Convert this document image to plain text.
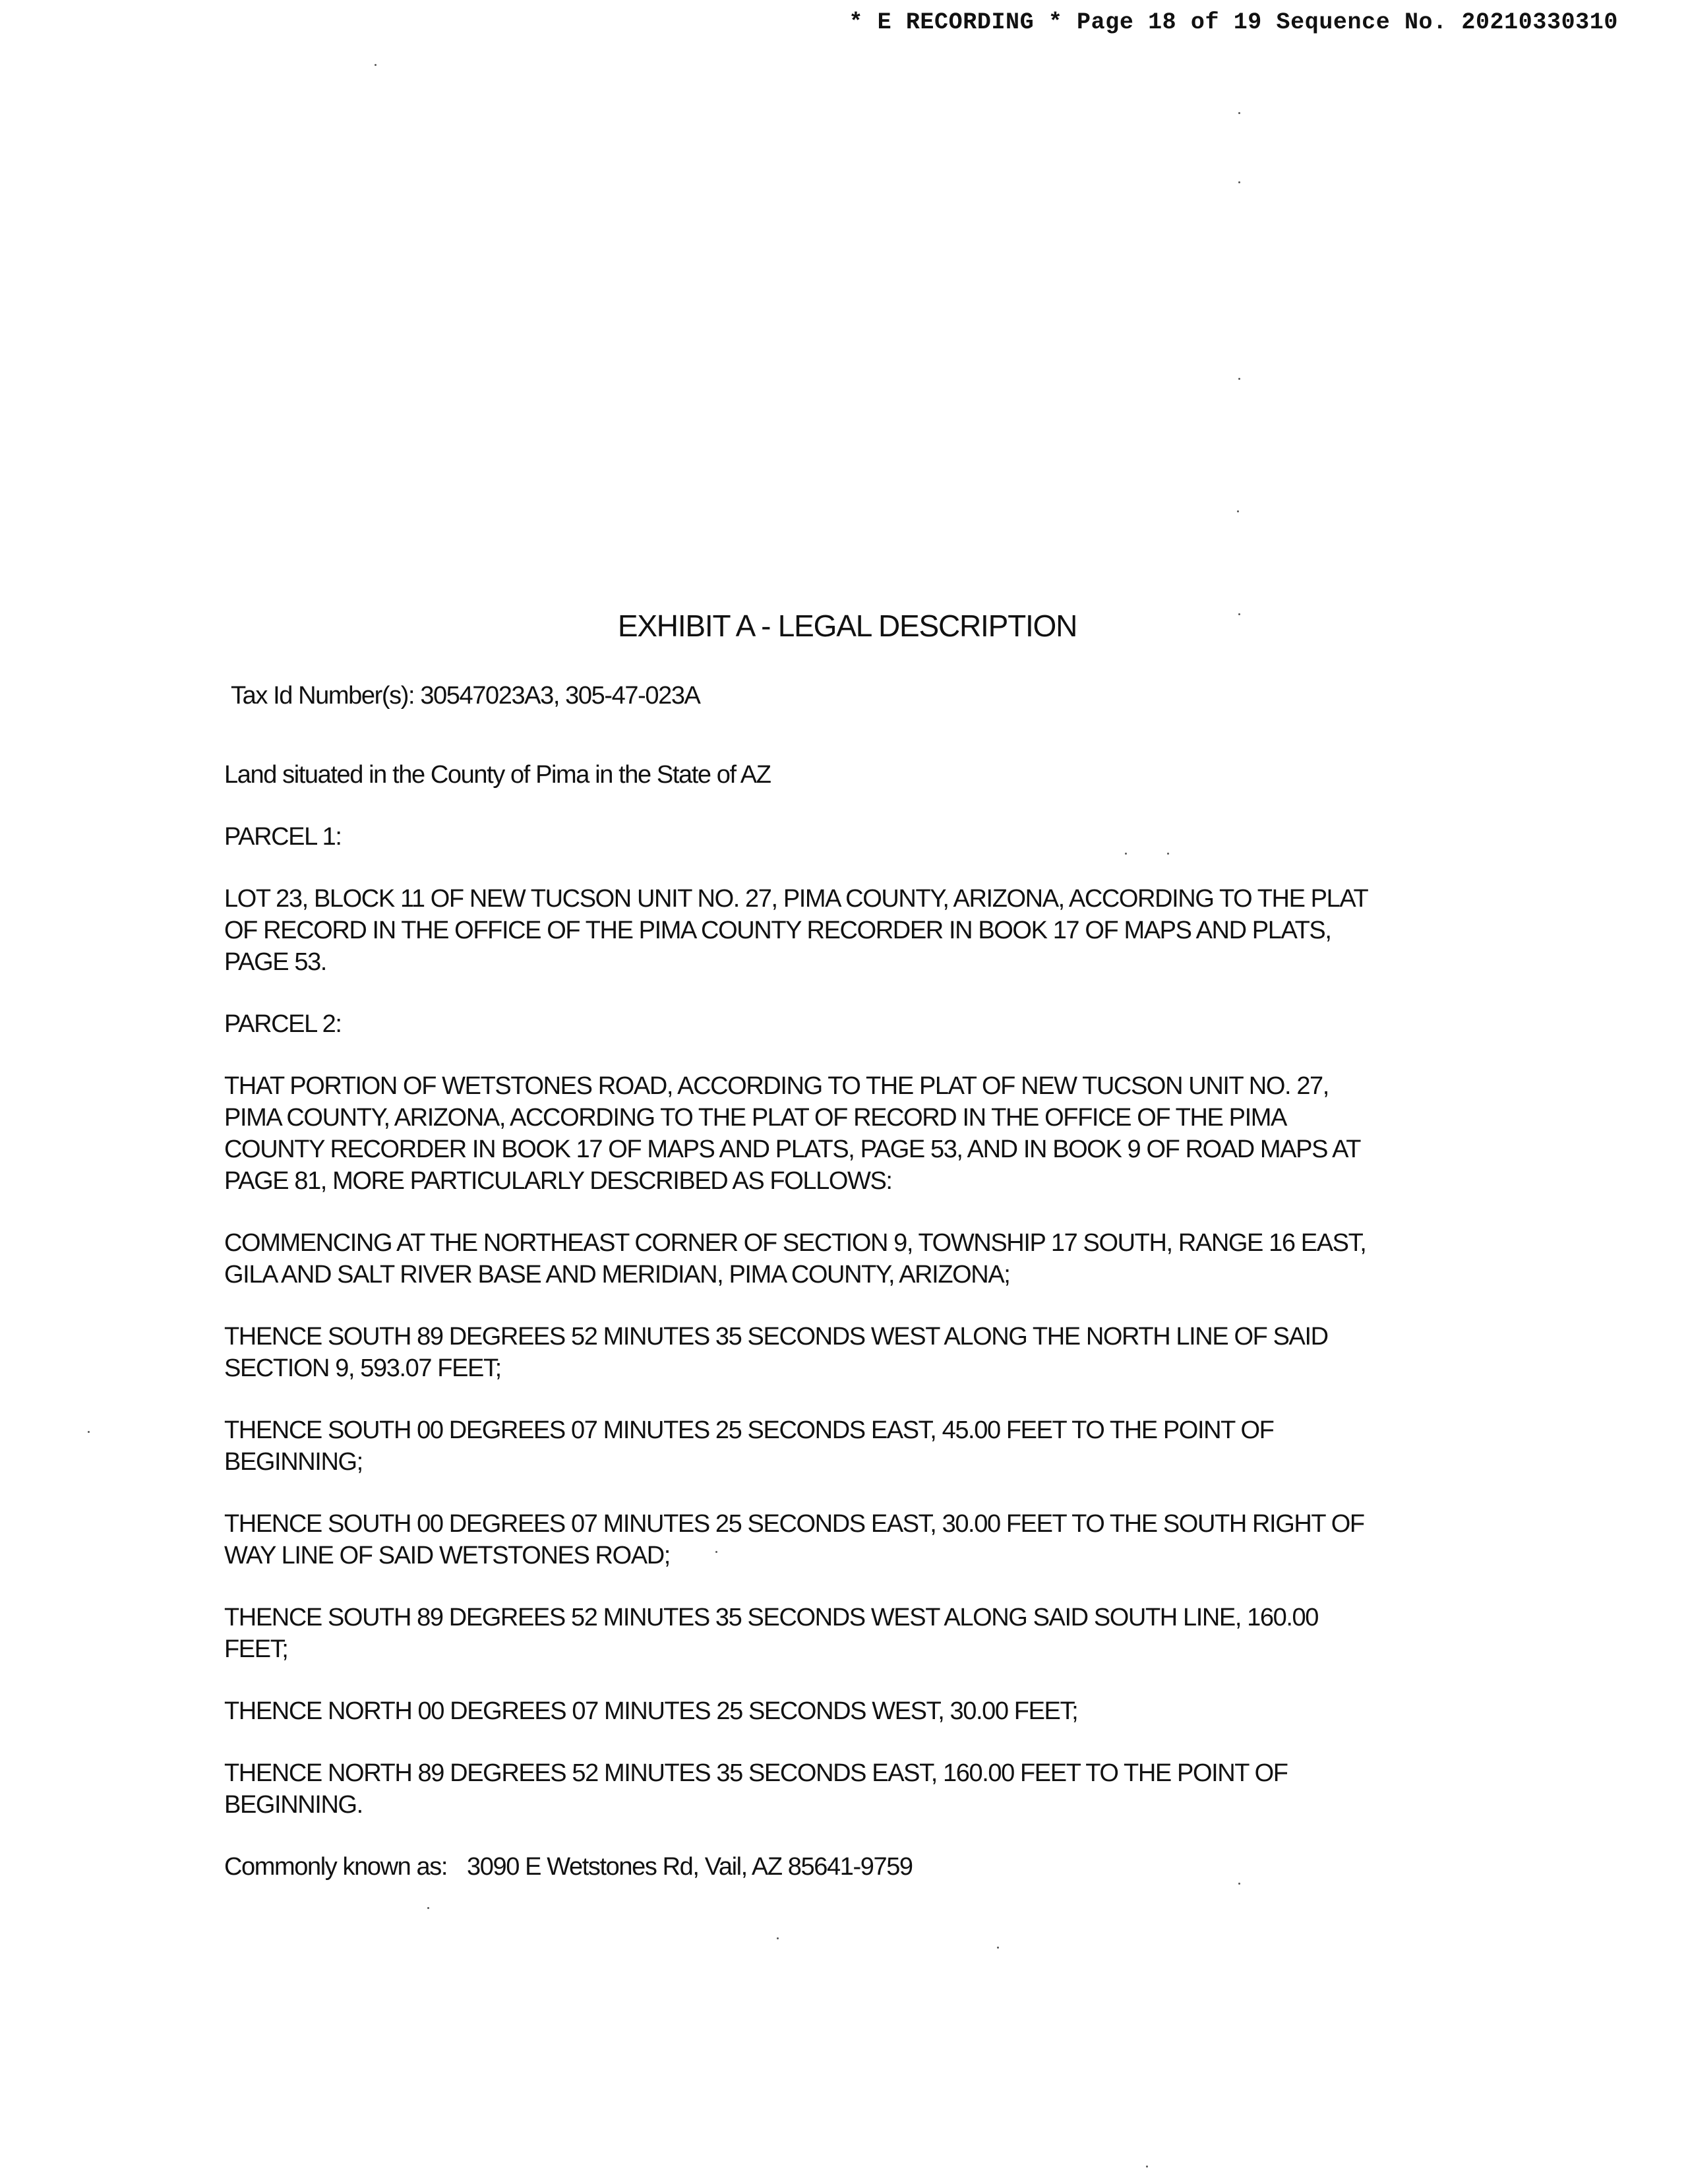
* E RECORDING * Page 18 of 19 Sequence No. 20210330310
EXHIBIT A - LEGAL DESCRIPTION
Tax Id Number(s): 30547023A3, 305-47-023A
Land situated in the County of Pima in the State of AZ
PARCEL 1:
LOT 23, BLOCK 11 OF NEW TUCSON UNIT NO. 27, PIMA COUNTY, ARIZONA, ACCORDING TO THE PLAT OF RECORD IN THE OFFICE OF THE PIMA COUNTY RECORDER IN BOOK 17 OF MAPS AND PLATS, PAGE 53.
PARCEL 2:
THAT PORTION OF WETSTONES ROAD, ACCORDING TO THE PLAT OF NEW TUCSON UNIT NO. 27, PIMA COUNTY, ARIZONA, ACCORDING TO THE PLAT OF RECORD IN THE OFFICE OF THE PIMA COUNTY RECORDER IN BOOK 17 OF MAPS AND PLATS, PAGE 53, AND IN BOOK 9 OF ROAD MAPS AT PAGE 81, MORE PARTICULARLY DESCRIBED AS FOLLOWS:
COMMENCING AT THE NORTHEAST CORNER OF SECTION 9, TOWNSHIP 17 SOUTH, RANGE 16 EAST, GILA AND SALT RIVER BASE AND MERIDIAN, PIMA COUNTY, ARIZONA;
THENCE SOUTH 89 DEGREES 52 MINUTES 35 SECONDS WEST ALONG THE NORTH LINE OF SAID SECTION 9, 593.07 FEET;
THENCE SOUTH 00 DEGREES 07 MINUTES 25 SECONDS EAST, 45.00 FEET TO THE POINT OF BEGINNING;
THENCE SOUTH 00 DEGREES 07 MINUTES 25 SECONDS EAST, 30.00 FEET TO THE SOUTH RIGHT OF WAY LINE OF SAID WETSTONES ROAD;
THENCE SOUTH 89 DEGREES 52 MINUTES 35 SECONDS WEST ALONG SAID SOUTH LINE, 160.00 FEET;
THENCE NORTH 00 DEGREES 07 MINUTES 25 SECONDS WEST, 30.00 FEET;
THENCE NORTH 89 DEGREES 52 MINUTES 35 SECONDS EAST, 160.00 FEET TO THE POINT OF BEGINNING.
Commonly known as: 3090 E Wetstones Rd, Vail, AZ 85641-9759
